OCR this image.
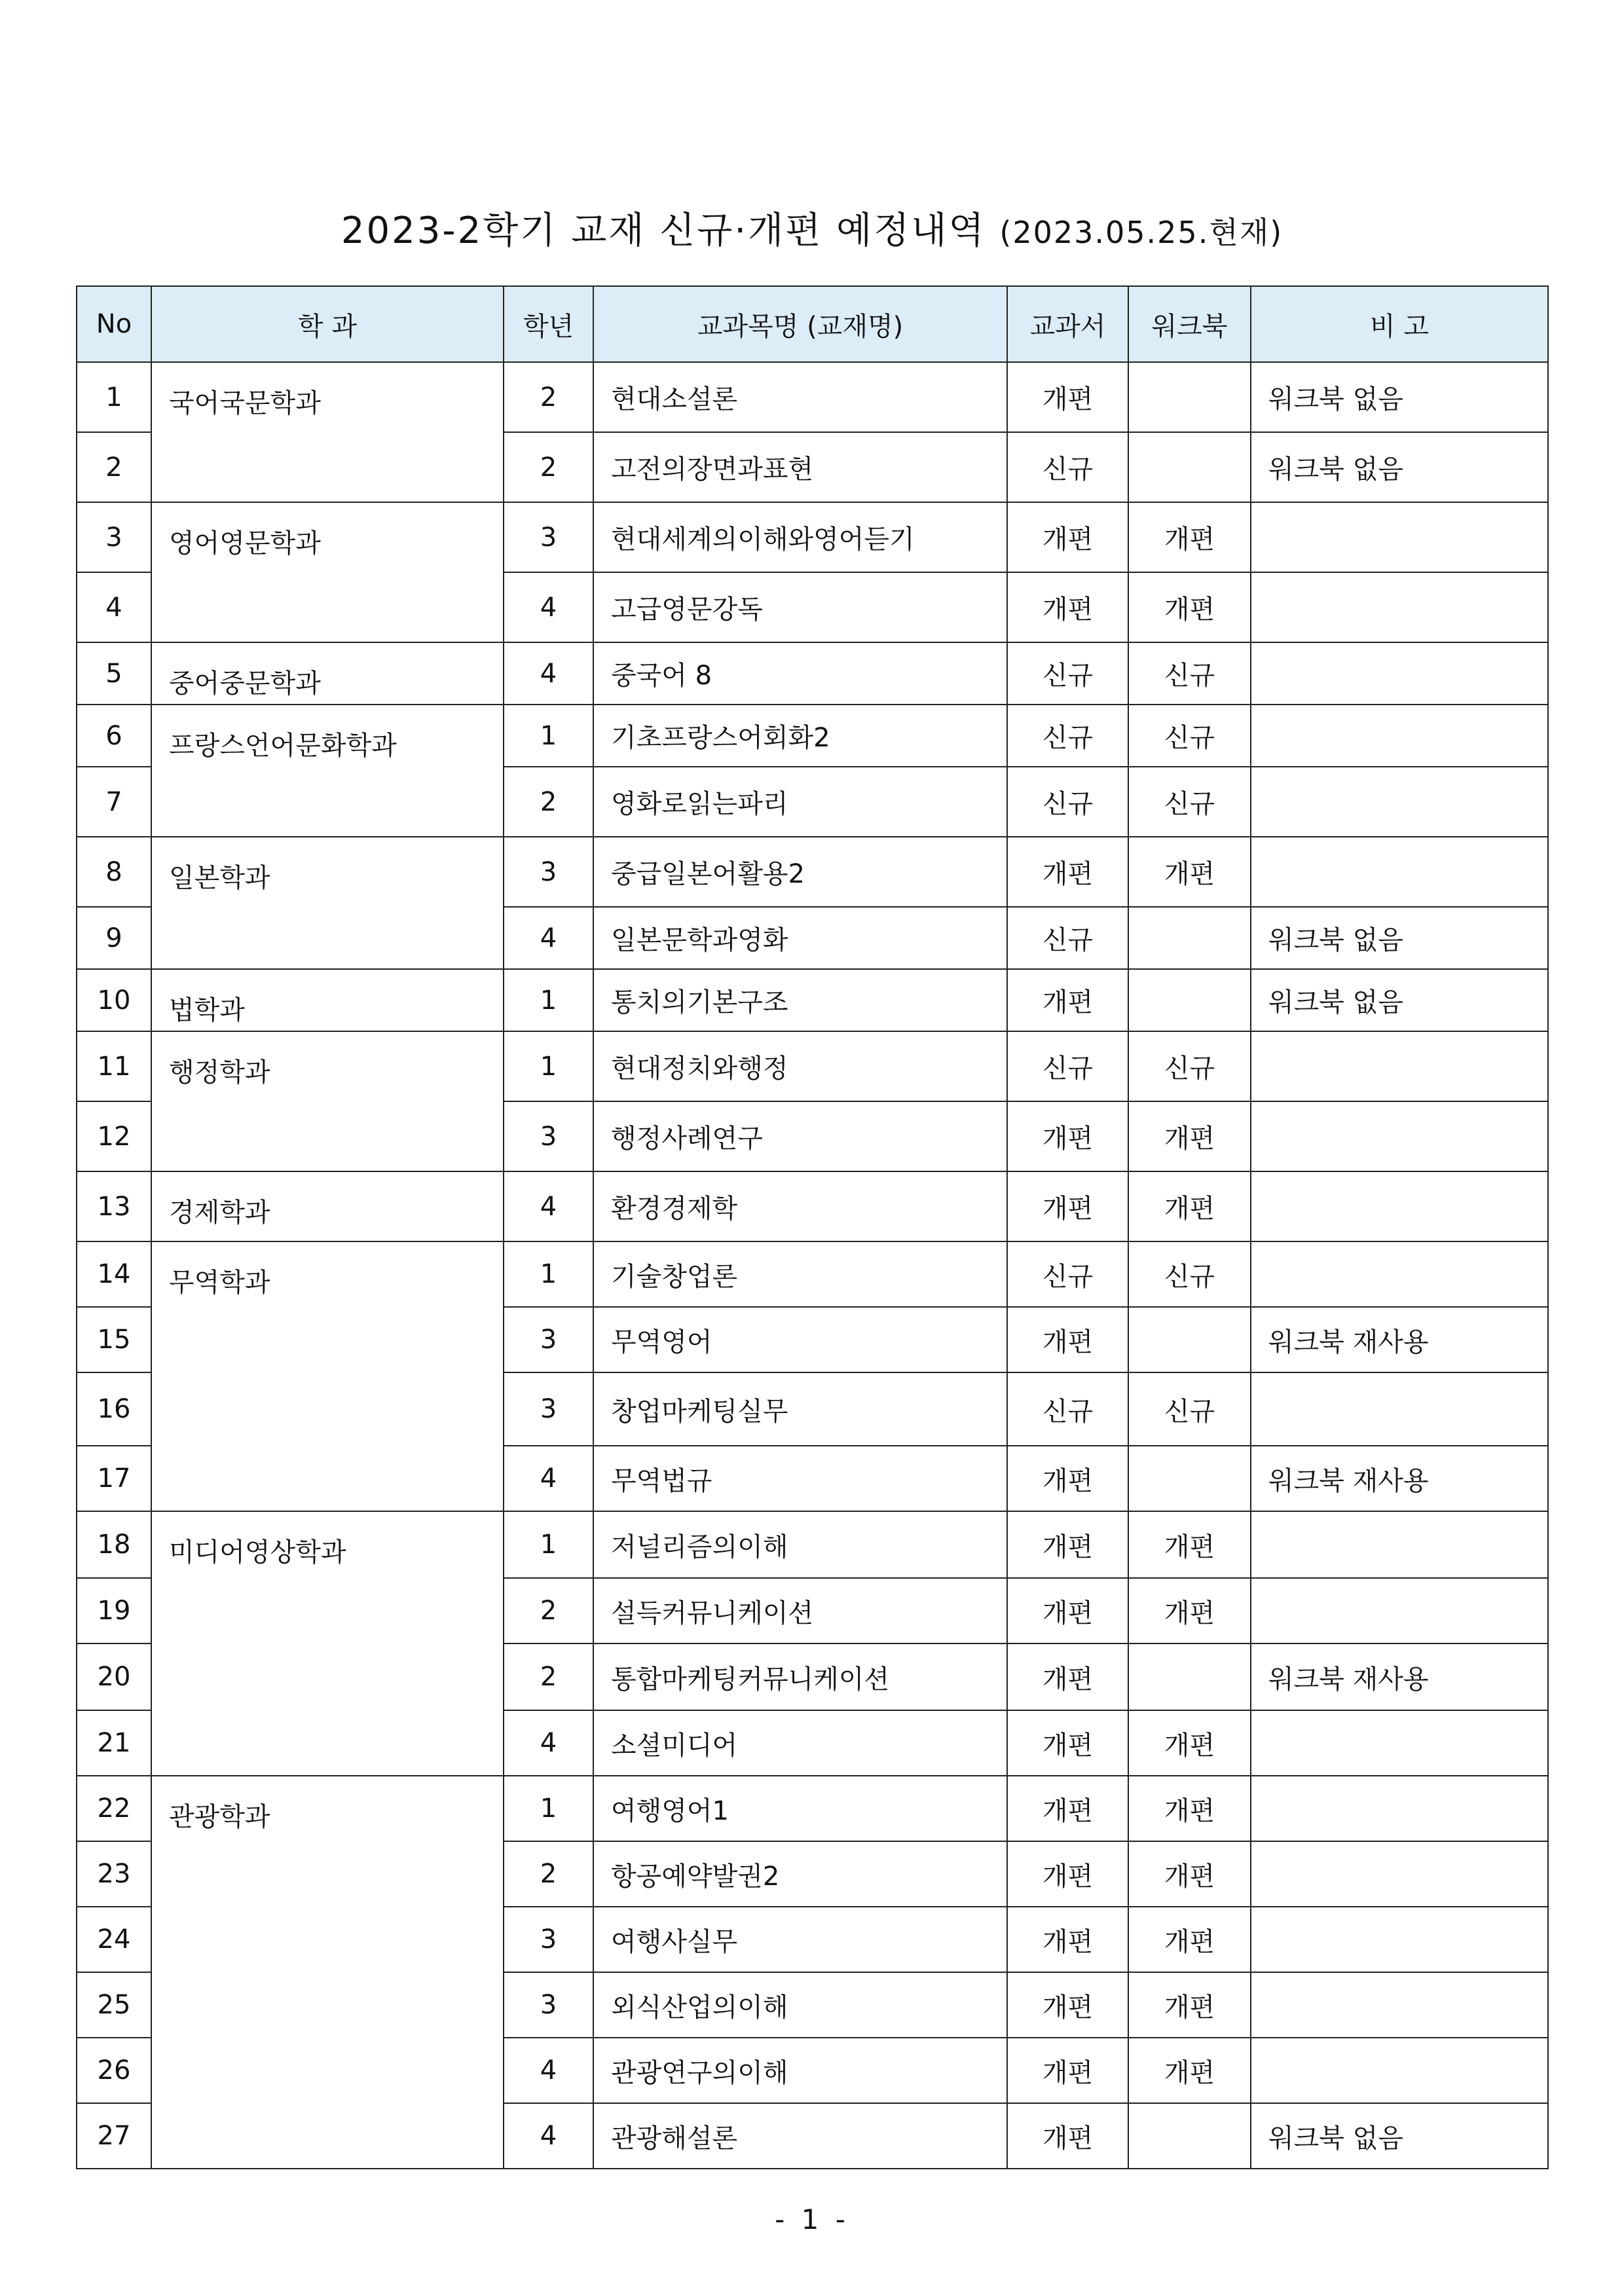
2023-2학기 교재 신규·개편 예정내역 (2023.05.25.현재)
No	학 과	학년	교과목명 (교재명)	교과서	워크북	비 고
1	국어국문학과	2	현대소설론	개편		워크북 없음
2		2	고전의장면과표현	신규		워크북 없음
3	영어영문학과	3	현대세계의이해와영어듣기	개편	개편	
4		4	고급영문강독	개편	개편	
5	중어중문학과	4	중국어 8	신규	신규	
6	프랑스언어문화학과	1	기초프랑스어회화2	신규	신규	
7		2	영화로읽는파리	신규	신규	
8	일본학과	3	중급일본어활용2	개편	개편	
9		4	일본문학과영화	신규		워크북 없음
10	법학과	1	통치의기본구조	개편		워크북 없음
11	행정학과	1	현대정치와행정	신규	신규	
12		3	행정사례연구	개편	개편	
13	경제학과	4	환경경제학	개편	개편	
14	무역학과	1	기술창업론	신규	신규	
15		3	무역영어	개편		워크북 재사용
16		3	창업마케팅실무	신규	신규	
17		4	무역법규	개편		워크북 재사용
18	미디어영상학과	1	저널리즘의이해	개편	개편	
19		2	설득커뮤니케이션	개편	개편	
20		2	통합마케팅커뮤니케이션	개편		워크북 재사용
21		4	소셜미디어	개편	개편	
22	관광학과	1	여행영어1	개편	개편	
23		2	항공예약발권2	개편	개편	
24		3	여행사실무	개편	개편	
25		3	외식산업의이해	개편	개편	
26		4	관광연구의이해	개편	개편	
27		4	관광해설론	개편		워크북 없음
- 1 -
